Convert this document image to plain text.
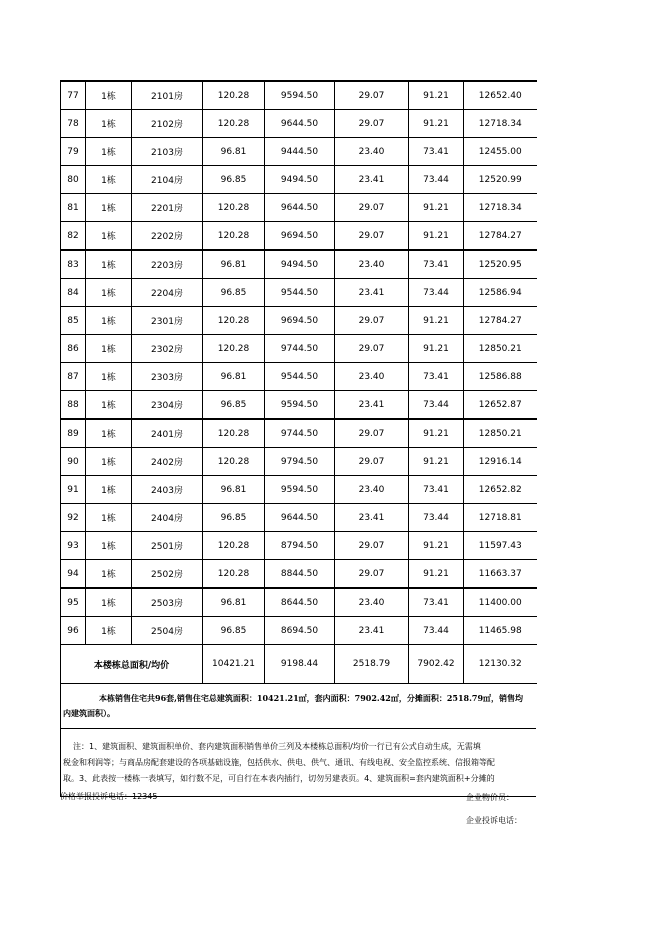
77	1栋	2101房	120.28	9594.50	29.07	91.21	12652.40
78	1栋	2102房	120.28	9644.50	29.07	91.21	12718.34
79	1栋	2103房	96.81	9444.50	23.40	73.41	12455.00
80	1栋	2104房	96.85	9494.50	23.41	73.44	12520.99
81	1栋	2201房	120.28	9644.50	29.07	91.21	12718.34
82	1栋	2202房	120.28	9694.50	29.07	91.21	12784.27
83	1栋	2203房	96.81	9494.50	23.40	73.41	12520.95
84	1栋	2204房	96.85	9544.50	23.41	73.44	12586.94
85	1栋	2301房	120.28	9694.50	29.07	91.21	12784.27
86	1栋	2302房	120.28	9744.50	29.07	91.21	12850.21
87	1栋	2303房	96.81	9544.50	23.40	73.41	12586.88
88	1栋	2304房	96.85	9594.50	23.41	73.44	12652.87
89	1栋	2401房	120.28	9744.50	29.07	91.21	12850.21
90	1栋	2402房	120.28	9794.50	29.07	91.21	12916.14
91	1栋	2403房	96.81	9594.50	23.40	73.41	12652.82
92	1栋	2404房	96.85	9644.50	23.41	73.44	12718.81
93	1栋	2501房	120.28	8794.50	29.07	91.21	11597.43
94	1栋	2502房	120.28	8844.50	29.07	91.21	11663.37
95	1栋	2503房	96.81	8644.50	23.40	73.41	11400.00
96	1栋	2504房	96.85	8694.50	23.41	73.44	11465.98
本楼栋总面积/均价			10421.21	9198.44	2518.79	7902.42	12130.32
本栋销售住宅共96套,销售住宅总建筑面积：10421.21㎡，套内面积：7902.42㎡，分摊面积：2518.79㎡，销售均
内建筑面积）。
注：1、建筑面积、建筑面积单价、套内建筑面积销售单价三列及本楼栋总面积/均价一行已有公式自动生成，无需填
税金和利润等；与商品房配套建设的各项基础设施，包括供水、供电、供气、通讯、有线电视、安全监控系统、信报箱等配
取。3、此表按一楼栋一表填写，如行数不足，可自行在本表内插行，切勿另建表页。4、建筑面积=套内建筑面积+分摊的
价格举报投诉电话：12345	企业物价员：
企业投诉电话：
